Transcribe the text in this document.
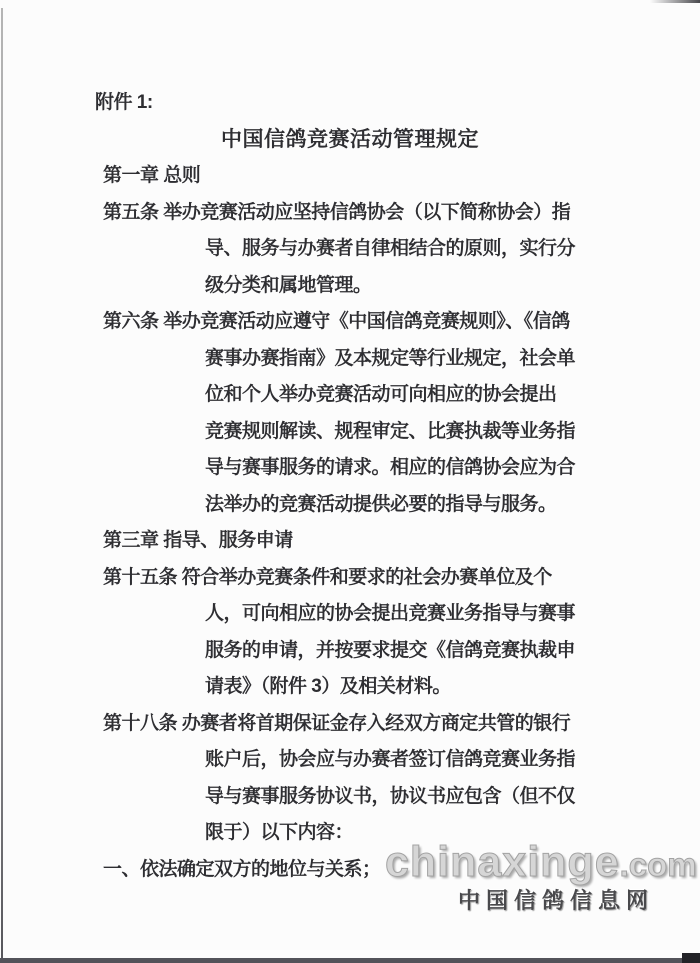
附件 1:
中国信鸽竞赛活动管理规定
第一章 总则
第五条 举办竞赛活动应坚持信鸽协会（以下简称协会）指
导、服务与办赛者自律相结合的原则，实行分
级分类和属地管理。
第六条 举办竞赛活动应遵守《中国信鸽竞赛规则》、《信鸽
赛事办赛指南》及本规定等行业规定，社会单
位和个人举办竞赛活动可向相应的协会提出
竞赛规则解读、规程审定、比赛执裁等业务指
导与赛事服务的请求。相应的信鸽协会应为合
法举办的竞赛活动提供必要的指导与服务。
第三章 指导、服务申请
第十五条 符合举办竞赛条件和要求的社会办赛单位及个
人，可向相应的协会提出竞赛业务指导与赛事
服务的申请，并按要求提交《信鸽竞赛执裁申
请表》（附件 3）及相关材料。
第十八条 办赛者将首期保证金存入经双方商定共管的银行
账户后，协会应与办赛者签订信鸽竞赛业务指
导与赛事服务协议书，协议书应包含（但不仅
限于）以下内容：
一、依法确定双方的地位与关系； chinaxinge.com
中国信鸽信息网
